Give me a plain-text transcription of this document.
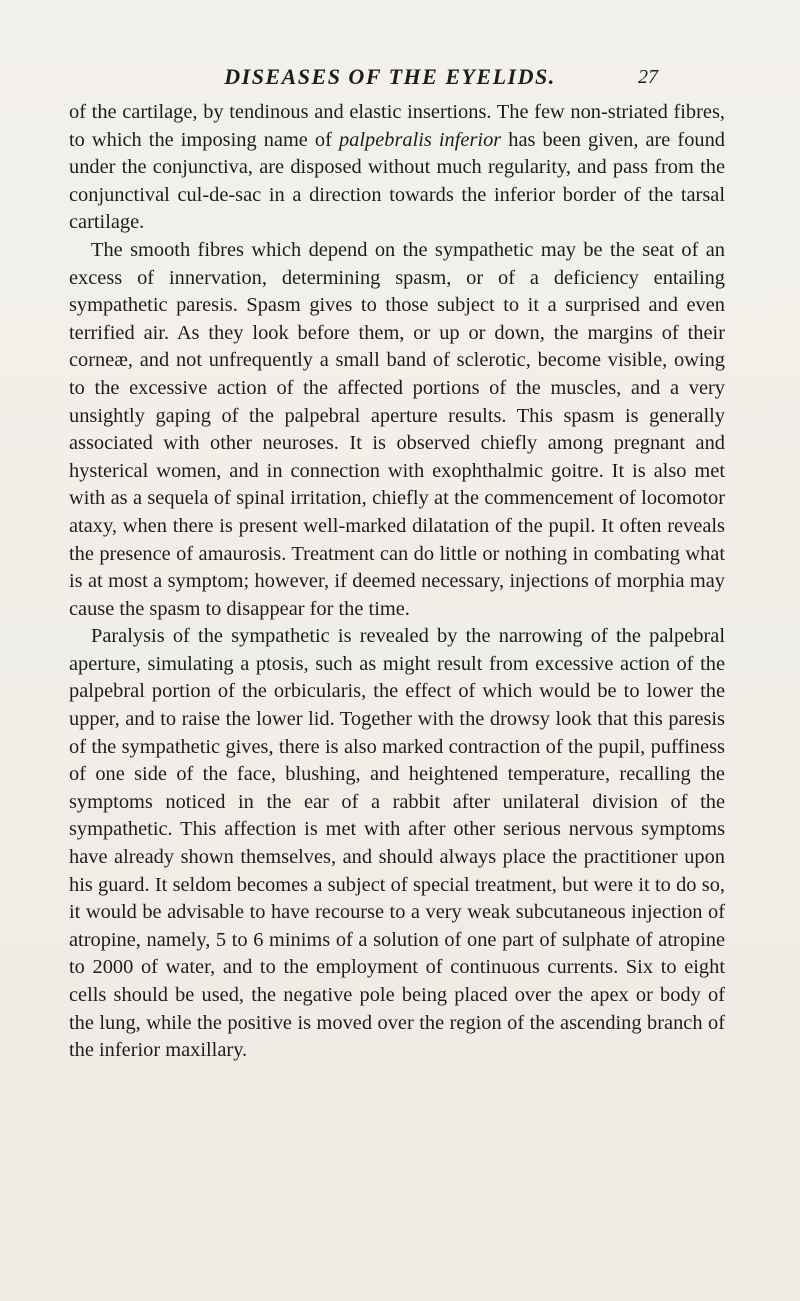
DISEASES OF THE EYELIDS.	27

of the cartilage, by tendinous and elastic insertions. The few non-striated fibres, to which the imposing name of palpebralis inferior has been given, are found under the conjunctiva, are disposed without much regularity, and pass from the conjunctival cul-de-sac in a direction towards the inferior border of the tarsal cartilage.

The smooth fibres which depend on the sympathetic may be the seat of an excess of innervation, determining spasm, or of a deficiency entailing sympathetic paresis. Spasm gives to those subject to it a surprised and even terrified air. As they look before them, or up or down, the margins of their corneæ, and not unfrequently a small band of sclerotic, become visible, owing to the excessive action of the affected portions of the muscles, and a very unsightly gaping of the palpebral aperture results. This spasm is generally associated with other neuroses. It is observed chiefly among pregnant and hysterical women, and in connection with exophthalmic goitre. It is also met with as a sequela of spinal irritation, chiefly at the commencement of locomotor ataxy, when there is present well-marked dilatation of the pupil. It often reveals the presence of amaurosis. Treatment can do little or nothing in combating what is at most a symptom; however, if deemed necessary, injections of morphia may cause the spasm to disappear for the time.

Paralysis of the sympathetic is revealed by the narrowing of the palpebral aperture, simulating a ptosis, such as might result from excessive action of the palpebral portion of the orbicularis, the effect of which would be to lower the upper, and to raise the lower lid. Together with the drowsy look that this paresis of the sympathetic gives, there is also marked contraction of the pupil, puffiness of one side of the face, blushing, and heightened temperature, recalling the symptoms noticed in the ear of a rabbit after unilateral division of the sympathetic. This affection is met with after other serious nervous symptoms have already shown themselves, and should always place the practitioner upon his guard. It seldom becomes a subject of special treatment, but were it to do so, it would be advisable to have recourse to a very weak subcutaneous injection of atropine, namely, 5 to 6 minims of a solution of one part of sulphate of atropine to 2000 of water, and to the employment of continuous currents. Six to eight cells should be used, the negative pole being placed over the apex or body of the lung, while the positive is moved over the region of the ascending branch of the inferior maxillary.
